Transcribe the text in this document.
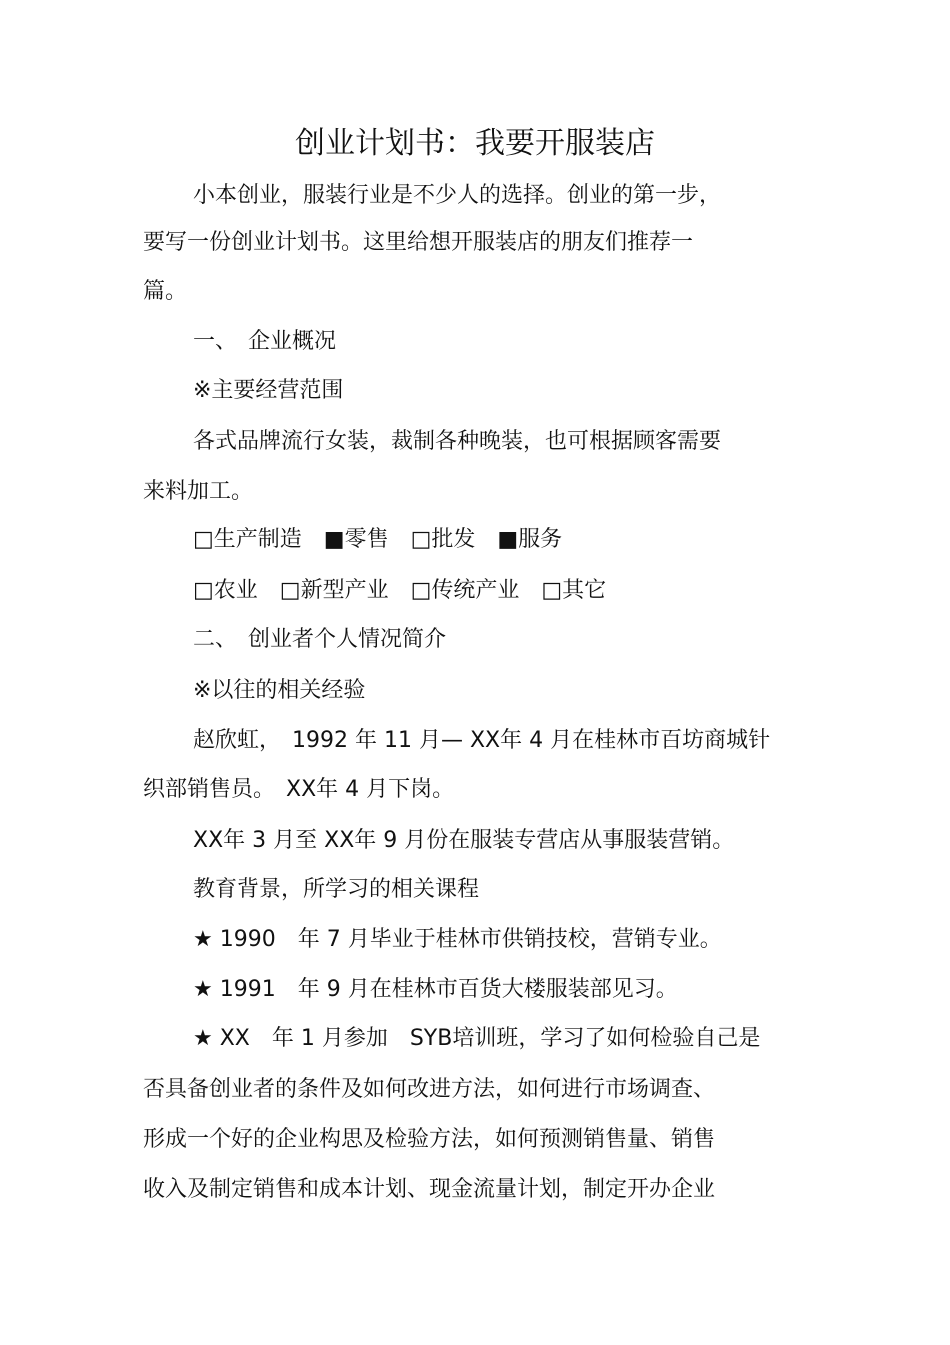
创业计划书：我要开服装店
小本创业，服装行业是不少人的选择。创业的第一步，
要写一份创业计划书。这里给想开服装店的朋友们推荐一
篇。
一、　企业概况
※主要经营范围
各式品牌流行女装，裁制各种晚装，也可根据顾客需要
来料加工。
□生产制造 ■零售 □批发 ■服务
□农业 □新型产业 □传统产业 □其它
二、　创业者个人情况简介
※以往的相关经验
赵欣虹，　1992 年 11 月— XX年 4 月在桂林市百坊商城针
织部销售员。　XX年 4 月下岗。
XX年 3 月至 XX年 9 月份在服装专营店从事服装营销。
教育背景，所学习的相关课程
★ 1990　年 7 月毕业于桂林市供销技校，营销专业。
★ 1991　年 9 月在桂林市百货大楼服装部见习。
★ XX　年 1 月参加　SYB培训班，学习了如何检验自己是
否具备创业者的条件及如何改进方法，如何进行市场调查、
形成一个好的企业构思及检验方法，如何预测销售量、销售
收入及制定销售和成本计划、现金流量计划，制定开办企业
